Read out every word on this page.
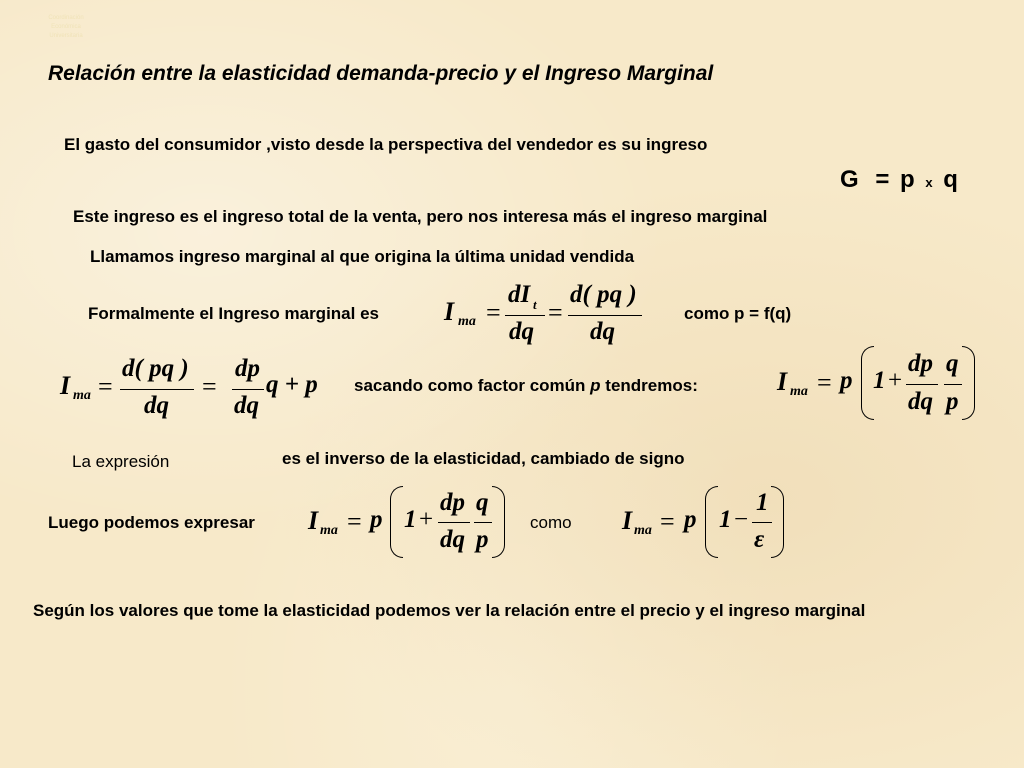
Coordinación Económica Universitaria
Relación entre la elasticidad demanda-precio y el Ingreso Marginal
El gasto del consumidor ,visto desde la perspectiva del vendedor es su ingreso
G = p x q
Este ingreso es el ingreso total de la venta, pero nos interesa más el ingreso marginal
Llamamos ingreso marginal al que origina la última unidad vendida
Formalmente el Ingreso marginal es	I ma =
dI t
dq
=
d( pq )
dq
como p = f(q)
I ma =
d( pq )
dq
=
dp
dq
q + p sacando como factor común p tendremos:	I ma = p 1 +
dp
dq
q
p
La expresión	es el inverso de la elasticidad, cambiado de signo
Luego podemos expresar I ma = p 1 +
dp
dq
q
p
como I ma = p 1 −
1
ε
Según los valores que tome la elasticidad podemos ver la relación entre el precio y el ingreso marginal
